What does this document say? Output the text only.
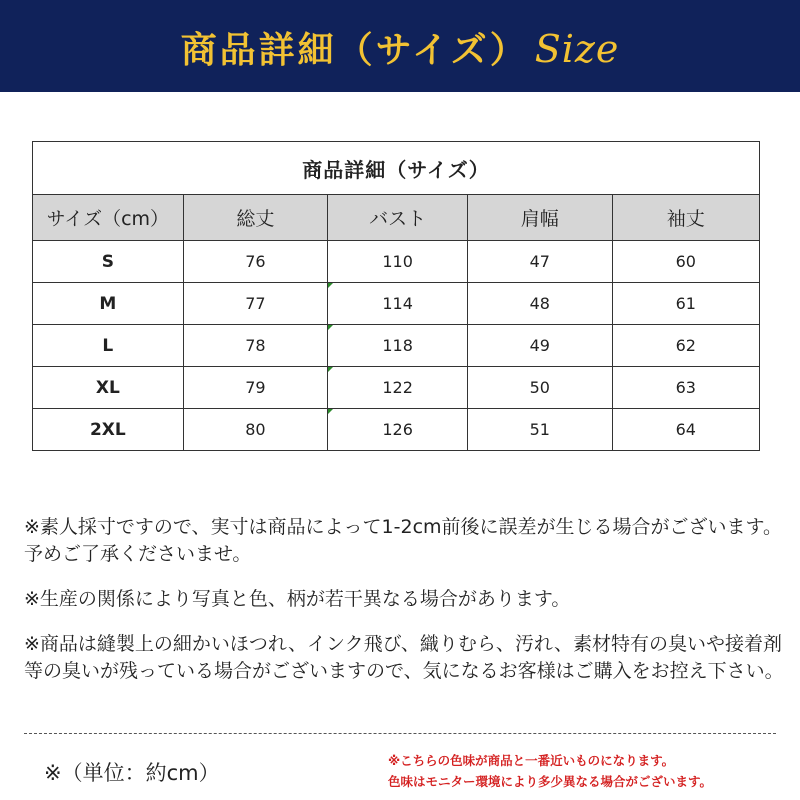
商品詳細（サイズ） Size
商品詳細（サイズ）				
サイズ（cm）	総丈	バスト	肩幅	袖丈
S	76	110	47	60
M	77	114	48	61
L	78	118	49	62
XL	79	122	50	63
2XL	80	126	51	64

※素人採寸ですので、実寸は商品によって1-2cm前後に誤差が生じる場合がございます。予めご了承くださいませ。

※生産の関係により写真と色、柄が若干異なる場合があります。

※商品は縫製上の細かいほつれ、インク飛び、織りむら、汚れ、素材特有の臭いや接着剤等の臭いが残っている場合がございますので、気になるお客様はご購入をお控え下さい。

※（単位：約cm）
※こちらの色味が商品と一番近いものになります。
色味はモニター環境により多少異なる場合がございます。
